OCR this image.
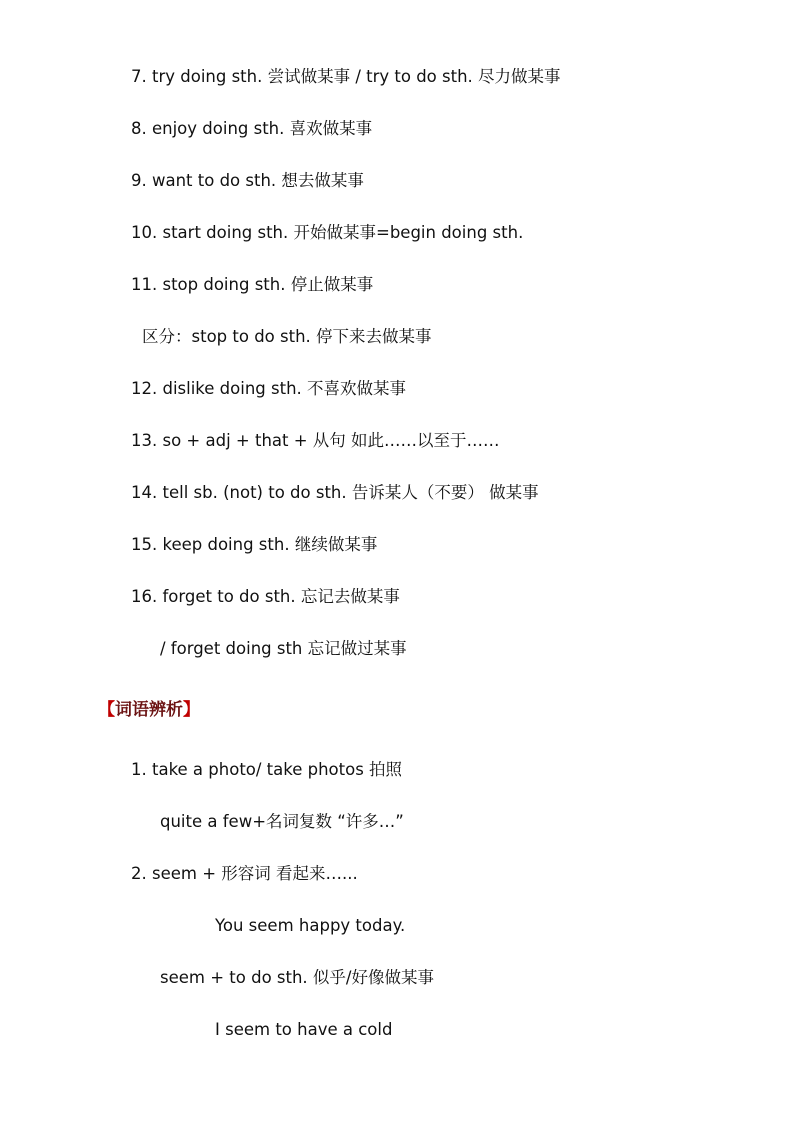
7. try doing sth. 尝试做某事 / try to do sth. 尽力做某事
8. enjoy doing sth. 喜欢做某事
9. want to do sth. 想去做某事
10. start doing sth. 开始做某事=begin doing sth.
11. stop doing sth. 停止做某事
区分：stop to do sth. 停下来去做某事
12. dislike doing sth. 不喜欢做某事
13. so + adj + that + 从句 如此……以至于……
14. tell sb. (not) to do sth. 告诉某人（不要） 做某事
15. keep doing sth. 继续做某事
16. forget to do sth. 忘记去做某事
/ forget doing sth 忘记做过某事
【词语辨析】
1. take a photo/ take photos 拍照
quite a few+名词复数 “许多…”
2. seem + 形容词 看起来…...
You seem happy today.
seem + to do sth. 似乎/好像做某事
I seem to have a cold
